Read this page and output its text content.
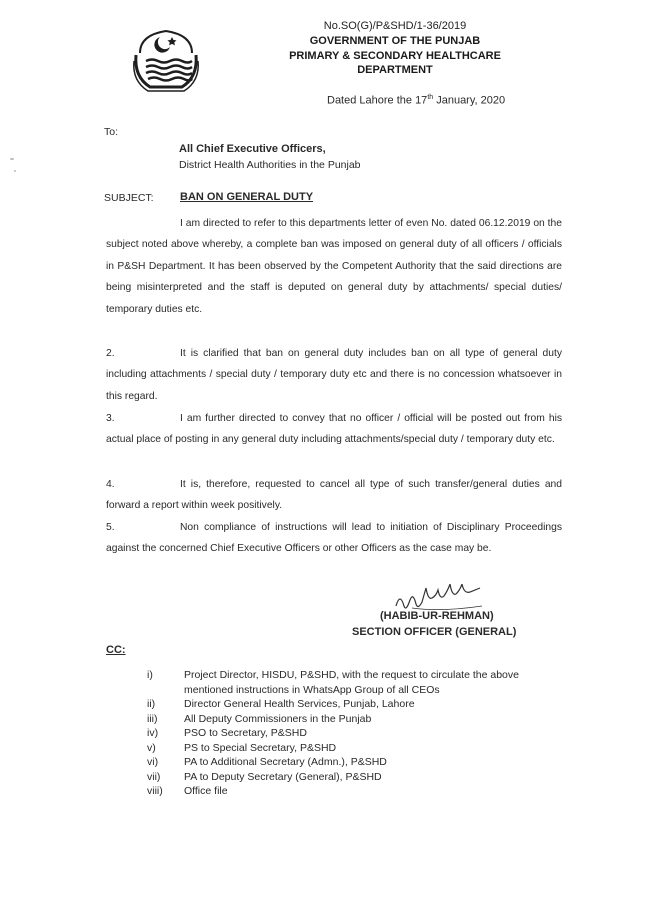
No.SO(G)/P&SHD/1-36/2019
GOVERNMENT OF THE PUNJAB
PRIMARY & SECONDARY HEALTHCARE
DEPARTMENT
Dated Lahore the 17th January, 2020
To:
All Chief Executive Officers,
District Health Authorities in the Punjab
SUBJECT: BAN ON GENERAL DUTY
I am directed to refer to this departments letter of even No. dated 06.12.2019 on the subject noted above whereby, a complete ban was imposed on general duty of all officers / officials in P&SH Department. It has been observed by the Competent Authority that the said directions are being misinterpreted and the staff is deputed on general duty by attachments/ special duties/ temporary duties etc.
2.	It is clarified that ban on general duty includes ban on all type of general duty including attachments / special duty / temporary duty etc and there is no concession whatsoever in this regard.
3.	I am further directed to convey that no officer / official will be posted out from his actual place of posting in any general duty including attachments/special duty / temporary duty etc.
4.	It is, therefore, requested to cancel all type of such transfer/general duties and forward a report within week positively.
5.	Non compliance of instructions will lead to initiation of Disciplinary Proceedings against the concerned Chief Executive Officers or other Officers as the case may be.
(HABIB-UR-REHMAN)
SECTION OFFICER (GENERAL)
CC:
i)	Project Director, HISDU, P&SHD, with the request to circulate the above mentioned instructions in WhatsApp Group of all CEOs
ii)	Director General Health Services, Punjab, Lahore
iii)	All Deputy Commissioners in the Punjab
iv)	PSO to Secretary, P&SHD
v)	PS to Special Secretary, P&SHD
vi)	PA to Additional Secretary (Admn.), P&SHD
vii)	PA to Deputy Secretary (General), P&SHD
viii)	Office file
